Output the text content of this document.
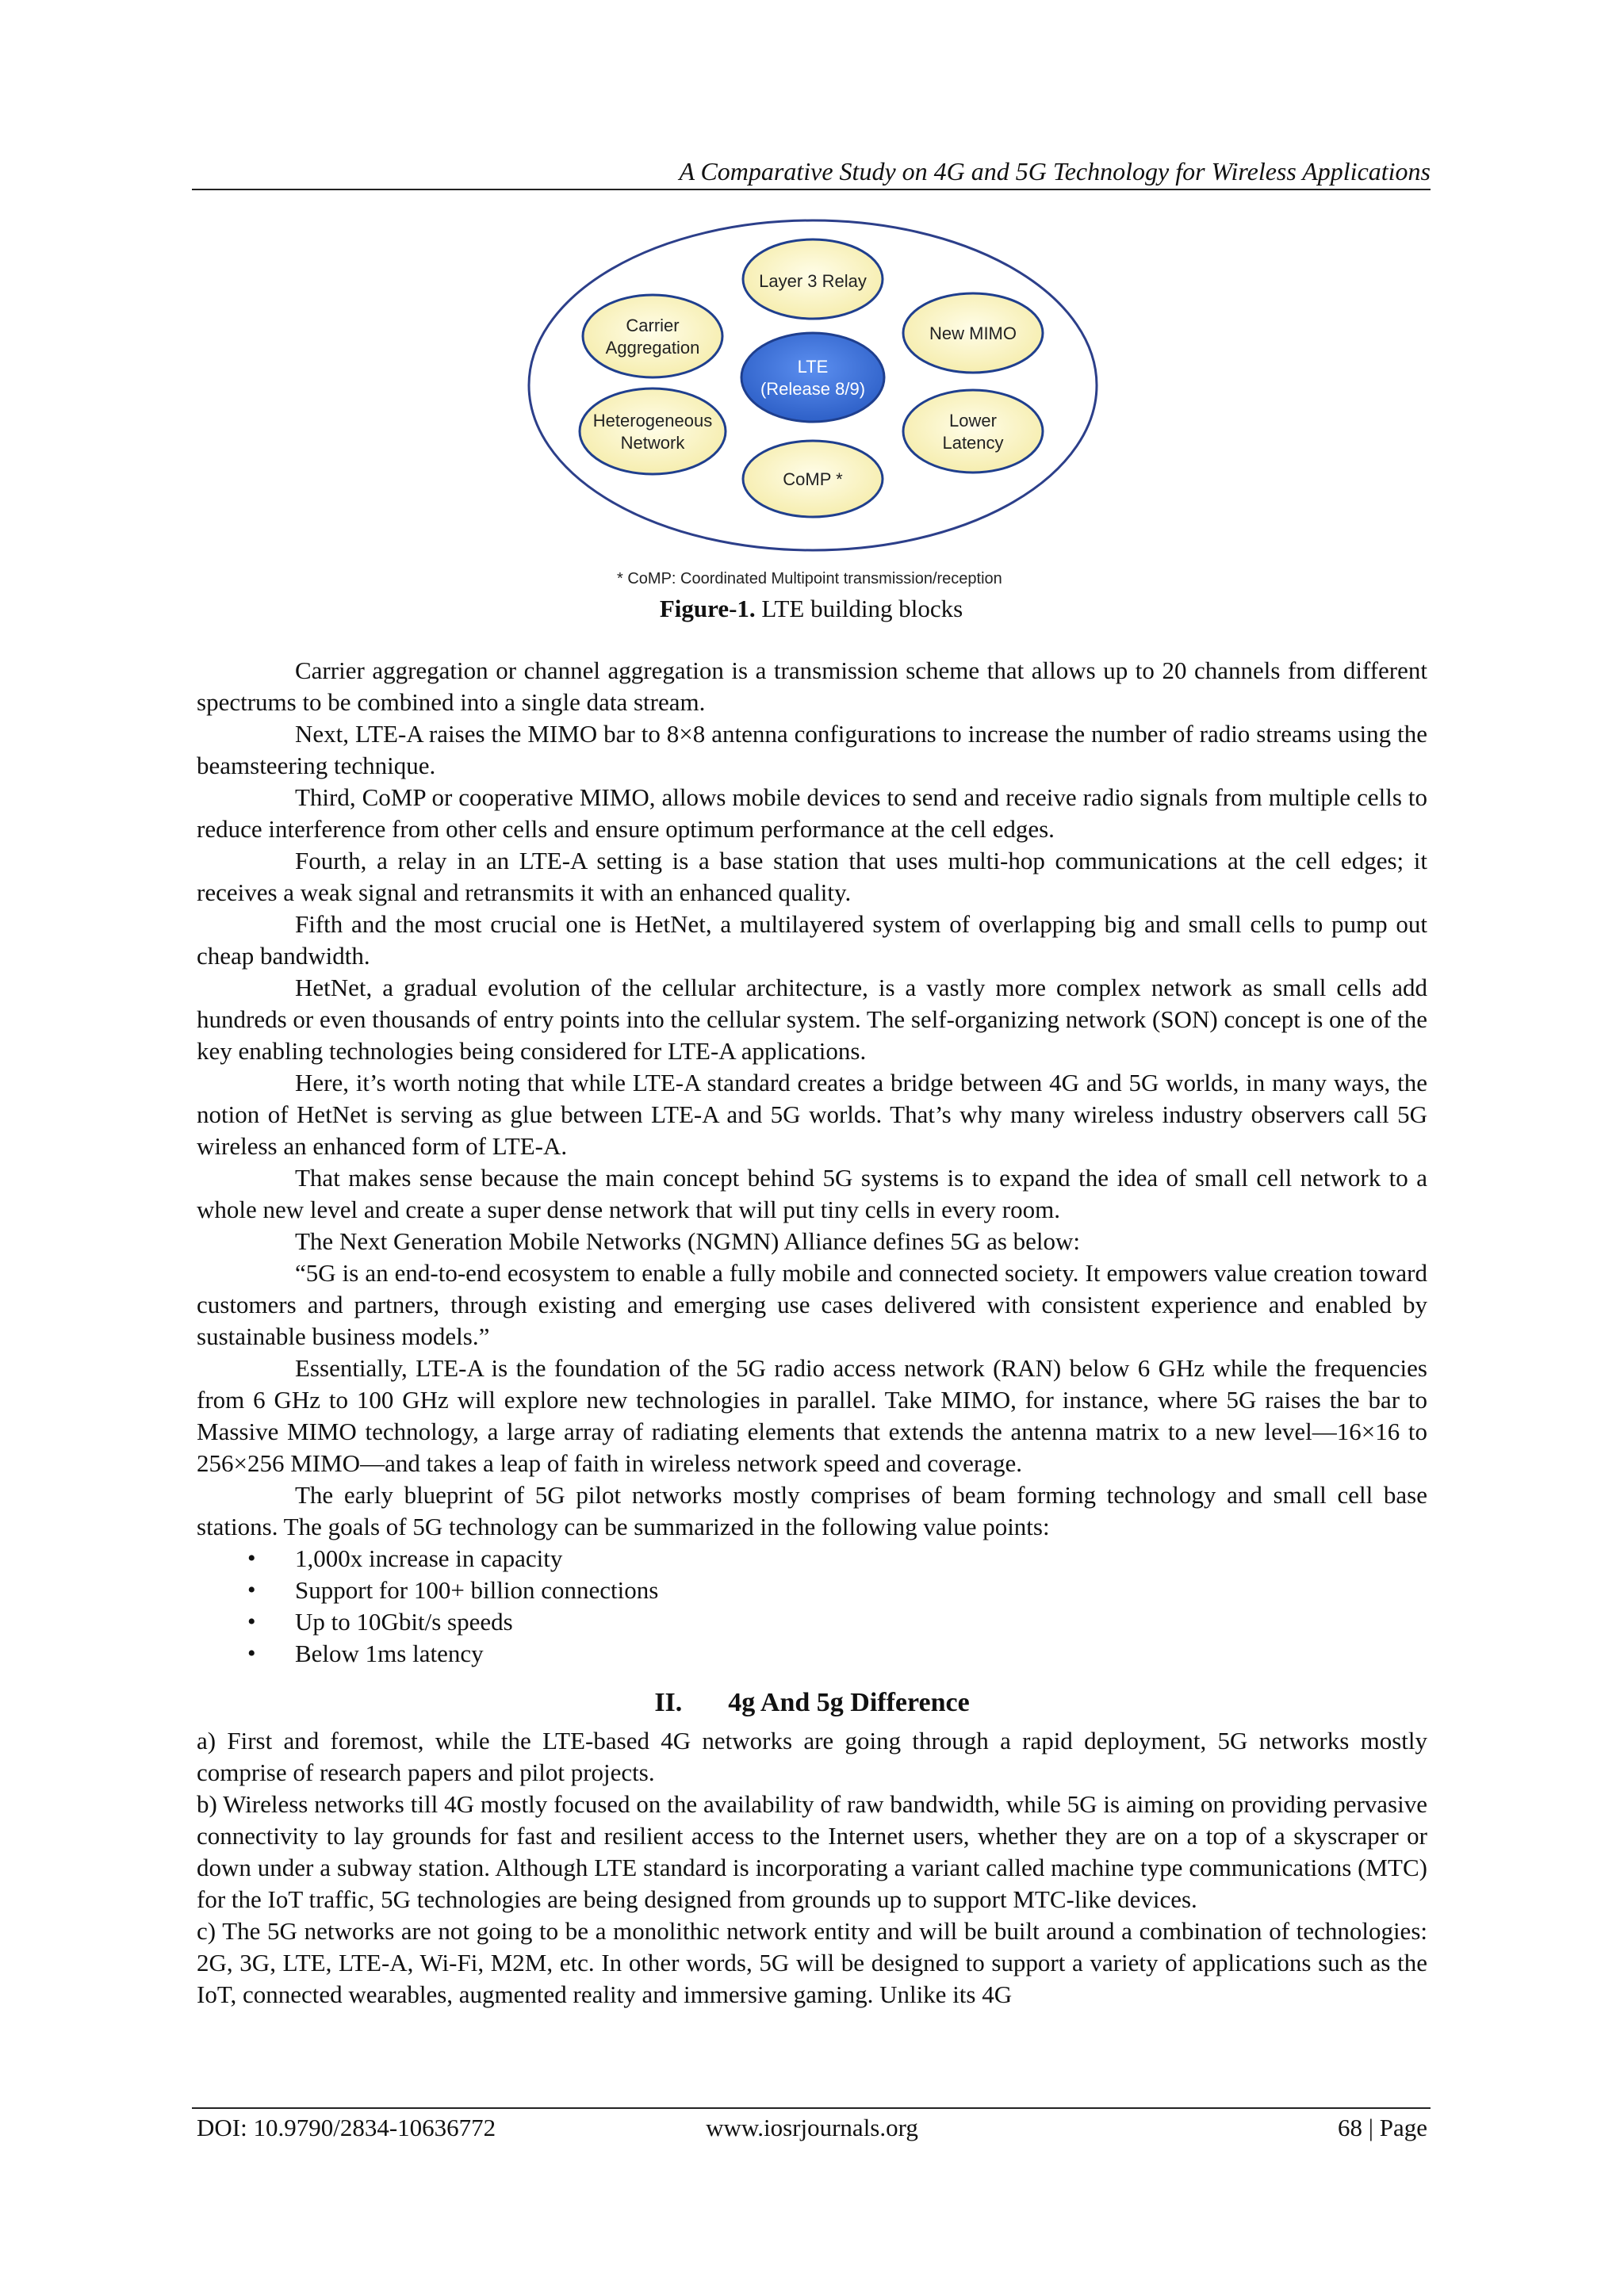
A Comparative Study on 4G and 5G Technology for Wireless Applications
Layer 3 Relay
Carrier
Aggregation
New MIMO
LTE
(Release 8/9)
Heterogeneous
Network
Lower
Latency
CoMP *
* CoMP: Coordinated Multipoint transmission/reception
Figure-1. LTE building blocks

Carrier aggregation or channel aggregation is a transmission scheme that allows up to 20 channels from different spectrums to be combined into a single data stream.

Next, LTE-A raises the MIMO bar to 8×8 antenna configurations to increase the number of radio streams using the beamsteering technique.

Third, CoMP or cooperative MIMO, allows mobile devices to send and receive radio signals from multiple cells to reduce interference from other cells and ensure optimum performance at the cell edges.

Fourth, a relay in an LTE-A setting is a base station that uses multi-hop communications at the cell edges; it receives a weak signal and retransmits it with an enhanced quality.

Fifth and the most crucial one is HetNet, a multilayered system of overlapping big and small cells to pump out cheap bandwidth.

HetNet, a gradual evolution of the cellular architecture, is a vastly more complex network as small cells add hundreds or even thousands of entry points into the cellular system. The self-organizing network (SON) concept is one of the key enabling technologies being considered for LTE-A applications.

Here, it’s worth noting that while LTE-A standard creates a bridge between 4G and 5G worlds, in many ways, the notion of HetNet is serving as glue between LTE-A and 5G worlds. That’s why many wireless industry observers call 5G wireless an enhanced form of LTE-A.

That makes sense because the main concept behind 5G systems is to expand the idea of small cell network to a whole new level and create a super dense network that will put tiny cells in every room.

The Next Generation Mobile Networks (NGMN) Alliance defines 5G as below:

“5G is an end-to-end ecosystem to enable a fully mobile and connected society. It empowers value creation toward customers and partners, through existing and emerging use cases delivered with consistent experience and enabled by sustainable business models.”

Essentially, LTE-A is the foundation of the 5G radio access network (RAN) below 6 GHz while the frequencies from 6 GHz to 100 GHz will explore new technologies in parallel. Take MIMO, for instance, where 5G raises the bar to Massive MIMO technology, a large array of radiating elements that extends the antenna matrix to a new level—16×16 to 256×256 MIMO—and takes a leap of faith in wireless network speed and coverage.

The early blueprint of 5G pilot networks mostly comprises of beam forming technology and small cell base stations. The goals of 5G technology can be summarized in the following value points:

• 1,000x increase in capacity
• Support for 100+ billion connections
• Up to 10Gbit/s speeds
• Below 1ms latency
II. 4g And 5g Difference

a) First and foremost, while the LTE-based 4G networks are going through a rapid deployment, 5G networks mostly comprise of research papers and pilot projects.

b) Wireless networks till 4G mostly focused on the availability of raw bandwidth, while 5G is aiming on providing pervasive connectivity to lay grounds for fast and resilient access to the Internet users, whether they are on a top of a skyscraper or down under a subway station. Although LTE standard is incorporating a variant called machine type communications (MTC) for the IoT traffic, 5G technologies are being designed from grounds up to support MTC-like devices.

c) The 5G networks are not going to be a monolithic network entity and will be built around a combination of technologies: 2G, 3G, LTE, LTE-A, Wi-Fi, M2M, etc. In other words, 5G will be designed to support a variety of applications such as the IoT, connected wearables, augmented reality and immersive gaming. Unlike its 4G

DOI: 10.9790/2834-10636772	www.iosrjournals.org	68 | Page
